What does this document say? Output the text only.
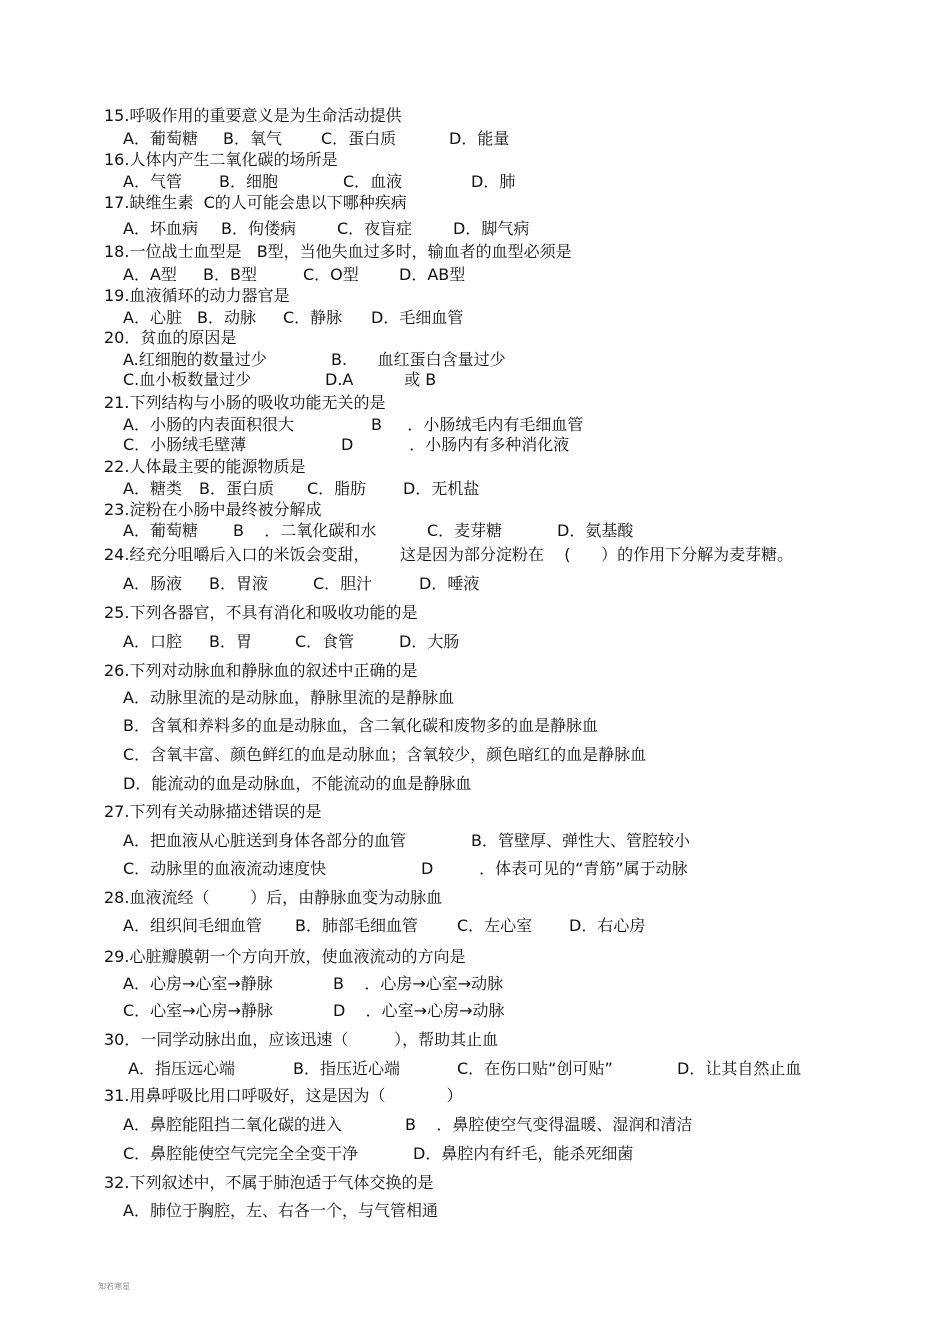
15.呼吸作用的重要意义是为生命活动提供
A．葡萄糖 B．氧气 C．蛋白质	D．能量
16.人体内产生二氧化碳的场所是
A．气管 B．细胞	C．血液	D．肺
17.缺维生素  C的人可能会患以下哪种疾病
A．坏血病 B．佝偻病	C．夜盲症	D．脚气病
18.一位战士血型是   B型，当他失血过多时，输血者的血型必须是
A．A型 B．B型	C．O型	D．AB型
19.血液循环的动力器官是
A．心脏 B．动脉 C．静脉 D．毛细血管
20．贫血的原因是
A.红细胞的数量过少	B.      血红蛋白含量过少
C.血小板数量过少	D.A          或 B
21.下列结构与小肠的吸收功能无关的是
A．小肠的内表面积很大	B     ．小肠绒毛内有毛细血管
C．小肠绒毛壁薄	D           ．小肠内有多种消化液
22.人体最主要的能源物质是
A．糖类 B．蛋白质 C．脂肪 D．无机盐
23.淀粉在小肠中最终被分解成
A．葡萄糖 B    ．二氧化碳和水	C．麦芽糖	D．氨基酸
24.经充分咀嚼后入口的米饭会变甜，      这是因为部分淀粉在    (      ）的作用下分解为麦芽糖。
A．肠液 B．胃液	C．胆汁	D．唾液
25.下列各器官，不具有消化和吸收功能的是
A．口腔 B．胃	C．食管	D．大肠
26.下列对动脉血和静脉血的叙述中正确的是
A．动脉里流的是动脉血，静脉里流的是静脉血
B．含氧和养料多的血是动脉血，含二氧化碳和废物多的血是静脉血
C．含氧丰富、颜色鲜红的血是动脉血；含氧较少，颜色暗红的血是静脉血
D．能流动的血是动脉血，不能流动的血是静脉血
27.下列有关动脉描述错误的是
A．把血液从心脏送到身体各部分的血管	B．管壁厚、弹性大、管腔较小
C．动脉里的血液流动速度快	D         ．体表可见的“青筋”属于动脉
28.血液流经（        ）后，由静脉血变为动脉血
A．组织间毛细血管 B．肺部毛细血管 C．左心室 D．右心房
29.心脏瓣膜朝一个方向开放，使血液流动的方向是
A．心房→心室→静脉	B    ．心房→心室→动脉
C．心室→心房→静脉	D    ．心室→心房→动脉
30．一同学动脉出血，应该迅速（         ），帮助其止血
A．指压远心端	B．指压近心端	C．在伤口贴“创可贴”	D．让其自然止血
31.用鼻呼吸比用口呼吸好，这是因为（            ）
A．鼻腔能阻挡二氧化碳的进入	B    ．鼻腔使空气变得温暖、湿润和清洁
C．鼻腔能使空气完完全全变干净	D．鼻腔内有纤毛，能杀死细菌
32.下列叙述中，不属于肺泡适于气体交换的是
A．肺位于胸腔，左、右各一个，与气管相通
知若寒星
